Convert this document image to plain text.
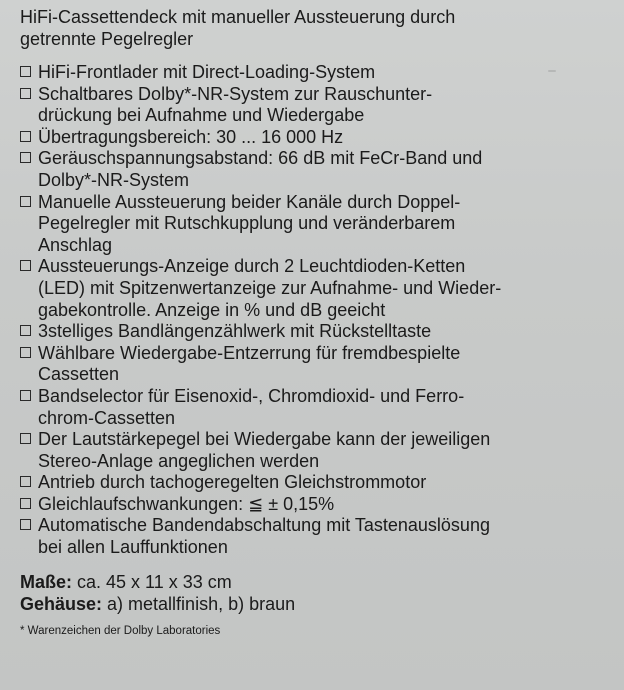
HiFi-Cassettendeck mit manueller Aussteuerung durch
getrennte Pegelregler

HiFi-Frontlader mit Direct-Loading-System
Schaltbares Dolby*-NR-System zur Rauschunter-
drückung bei Aufnahme und Wiedergabe
Übertragungsbereich: 30 ... 16 000 Hz
Geräuschspannungsabstand: 66 dB mit FeCr-Band und
Dolby*-NR-System
Manuelle Aussteuerung beider Kanäle durch Doppel-
Pegelregler mit Rutschkupplung und veränderbarem
Anschlag
Aussteuerungs-Anzeige durch 2 Leuchtdioden-Ketten
(LED) mit Spitzenwertanzeige zur Aufnahme- und Wieder-
gabekontrolle. Anzeige in % und dB geeicht
3stelliges Bandlängenzählwerk mit Rückstelltaste
Wählbare Wiedergabe-Entzerrung für fremdbespielte
Cassetten
Bandselector für Eisenoxid-, Chromdioxid- und Ferro-
chrom-Cassetten
Der Lautstärkepegel bei Wiedergabe kann der jeweiligen
Stereo-Anlage angeglichen werden
Antrieb durch tachogeregelten Gleichstrommotor
Gleichlaufschwankungen: ≦ ± 0,15%
Automatische Bandendabschaltung mit Tastenauslösung
bei allen Lauffunktionen
Maße: ca. 45 x 11 x 33 cm
Gehäuse: a) metallfinish, b) braun
* Warenzeichen der Dolby Laboratories
